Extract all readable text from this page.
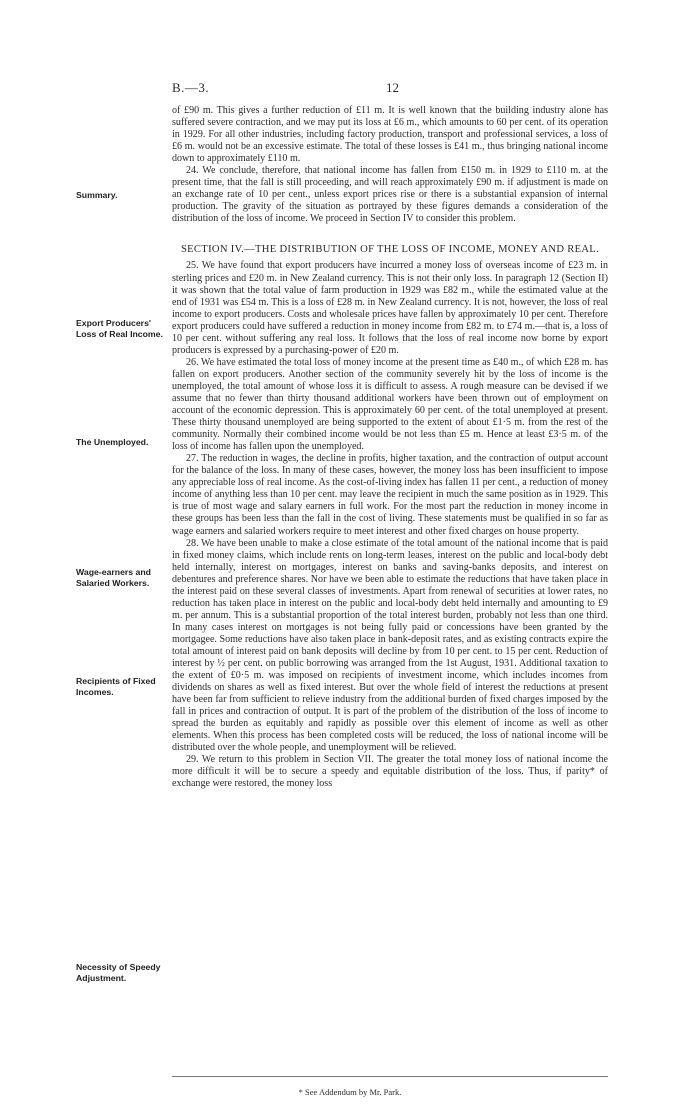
B.—3.	12
Summary.
Export Producers' Loss of Real Income.
The Unemployed.
Wage-earners and Salaried Workers.
Recipients of Fixed Incomes.
Necessity of Speedy Adjustment.

of £90 m. This gives a further reduction of £11 m. It is well known that the building industry alone has suffered severe contraction, and we may put its loss at £6 m., which amounts to 60 per cent. of its operation in 1929. For all other industries, including factory production, transport and professional services, a loss of £6 m. would not be an excessive estimate. The total of these losses is £41 m., thus bringing national income down to approximately £110 m.

24. We conclude, therefore, that national income has fallen from £150 m. in 1929 to £110 m. at the present time, that the fall is still proceeding, and will reach approximately £90 m. if adjustment is made on an exchange rate of 10 per cent., unless export prices rise or there is a substantial expansion of internal production. The gravity of the situation as portrayed by these figures demands a consideration of the distribution of the loss of income. We proceed in Section IV to consider this problem.

SECTION IV.—THE DISTRIBUTION OF THE LOSS OF INCOME, MONEY AND REAL.

25. We have found that export producers have incurred a money loss of overseas income of £23 m. in sterling prices and £20 m. in New Zealand currency. This is not their only loss. In paragraph 12 (Section II) it was shown that the total value of farm production in 1929 was £82 m., while the estimated value at the end of 1931 was £54 m. This is a loss of £28 m. in New Zealand currency. It is not, however, the loss of real income to export producers. Costs and wholesale prices have fallen by approximately 10 per cent. Therefore export producers could have suffered a reduction in money income from £82 m. to £74 m.—that is, a loss of 10 per cent. without suffering any real loss. It follows that the loss of real income now borne by export producers is expressed by a purchasing-power of £20 m.

26. We have estimated the total loss of money income at the present time as £40 m., of which £28 m. has fallen on export producers. Another section of the community severely hit by the loss of income is the unemployed, the total amount of whose loss it is difficult to assess. A rough measure can be devised if we assume that no fewer than thirty thousand additional workers have been thrown out of employment on account of the economic depression. This is approximately 60 per cent. of the total unemployed at present. These thirty thousand unemployed are being supported to the extent of about £1·5 m. from the rest of the community. Normally their combined income would be not less than £5 m. Hence at least £3·5 m. of the loss of income has fallen upon the unemployed.

27. The reduction in wages, the decline in profits, higher taxation, and the contraction of output account for the balance of the loss. In many of these cases, however, the money loss has been insufficient to impose any appreciable loss of real income. As the cost-of-living index has fallen 11 per cent., a reduction of money income of anything less than 10 per cent. may leave the recipient in much the same position as in 1929. This is true of most wage and salary earners in full work. For the most part the reduction in money income in these groups has been less than the fall in the cost of living. These statements must be qualified in so far as wage earners and salaried workers require to meet interest and other fixed charges on house property.

28. We have been unable to make a close estimate of the total amount of the national income that is paid in fixed money claims, which include rents on long-term leases, interest on the public and local-body debt held internally, interest on mortgages, interest on banks and saving-banks deposits, and interest on debentures and preference shares. Nor have we been able to estimate the reductions that have taken place in the interest paid on these several classes of investments. Apart from renewal of securities at lower rates, no reduction has taken place in interest on the public and local-body debt held internally and amounting to £9 m. per annum. This is a substantial proportion of the total interest burden, probably not less than one third. In many cases interest on mortgages is not being fully paid or concessions have been granted by the mortgagee. Some reductions have also taken place in bank-deposit rates, and as existing contracts expire the total amount of interest paid on bank deposits will decline by from 10 per cent. to 15 per cent. Reduction of interest by ½ per cent. on public borrowing was arranged from the 1st August, 1931. Additional taxation to the extent of £0·5 m. was imposed on recipients of investment income, which includes incomes from dividends on shares as well as fixed interest. But over the whole field of interest the reductions at present have been far from sufficient to relieve industry from the additional burden of fixed charges imposed by the fall in prices and contraction of output. It is part of the problem of the distribution of the loss of income to spread the burden as equitably and rapidly as possible over this element of income as well as other elements. When this process has been completed costs will be reduced, the loss of national income will be distributed over the whole people, and unemployment will be relieved.

29. We return to this problem in Section VII. The greater the total money loss of national income the more difficult it will be to secure a speedy and equitable distribution of the loss. Thus, if parity* of exchange were restored, the money loss

* See Addendum by Mr. Park.
